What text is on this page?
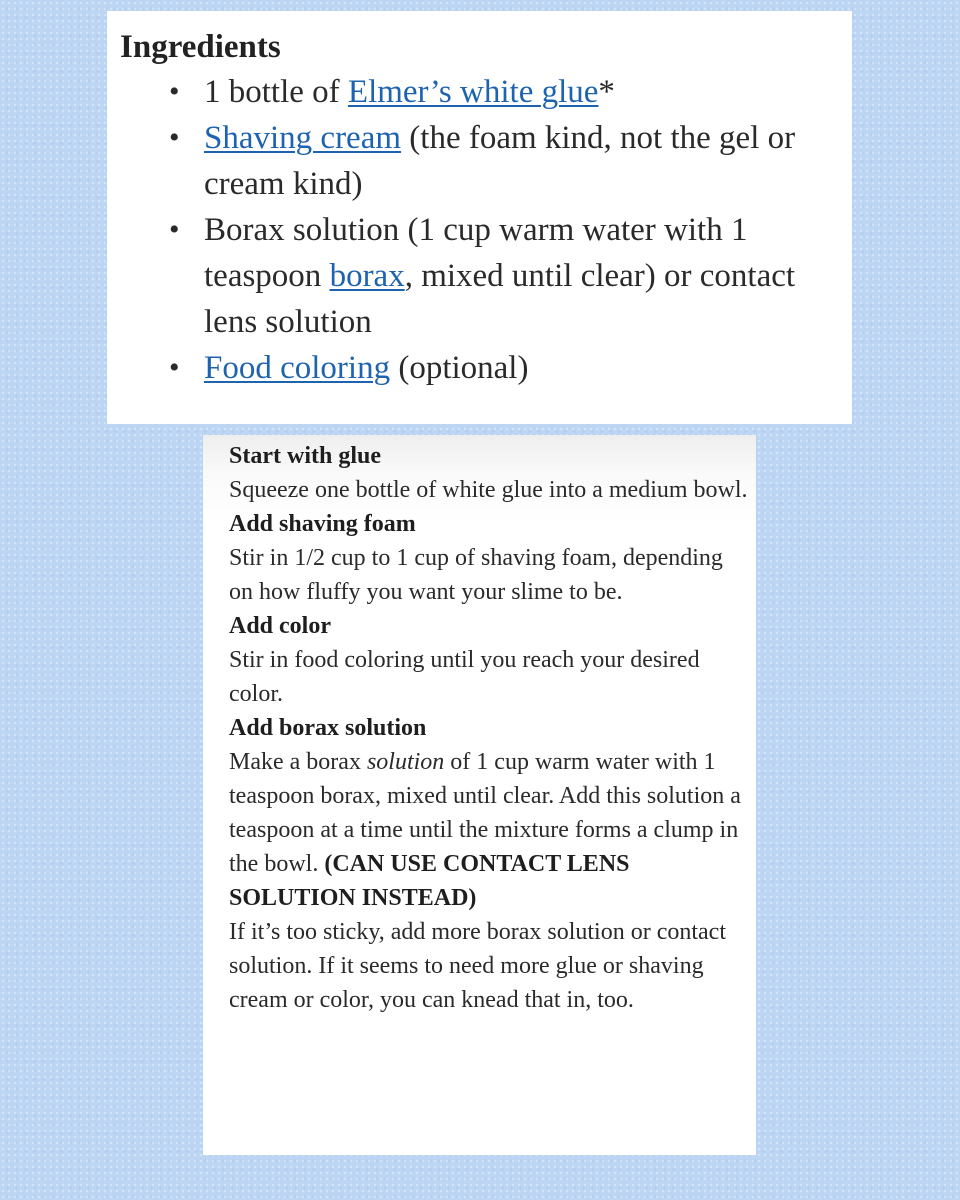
Ingredients
• 1 bottle of Elmer’s white glue*
• Shaving cream (the foam kind, not the gel or cream kind)
• Borax solution (1 cup warm water with 1 teaspoon borax, mixed until clear) or contact lens solution
• Food coloring (optional)
Start with glue
Squeeze one bottle of white glue into a medium bowl.
Add shaving foam
Stir in 1/2 cup to 1 cup of shaving foam, depending on how fluffy you want your slime to be.
Add color
Stir in food coloring until you reach your desired color.
Add borax solution
Make a borax solution of 1 cup warm water with 1 teaspoon borax, mixed until clear. Add this solution a teaspoon at a time until the mixture forms a clump in the bowl. (CAN USE CONTACT LENS SOLUTION INSTEAD)
If it’s too sticky, add more borax solution or contact solution. If it seems to need more glue or shaving cream or color, you can knead that in, too.
